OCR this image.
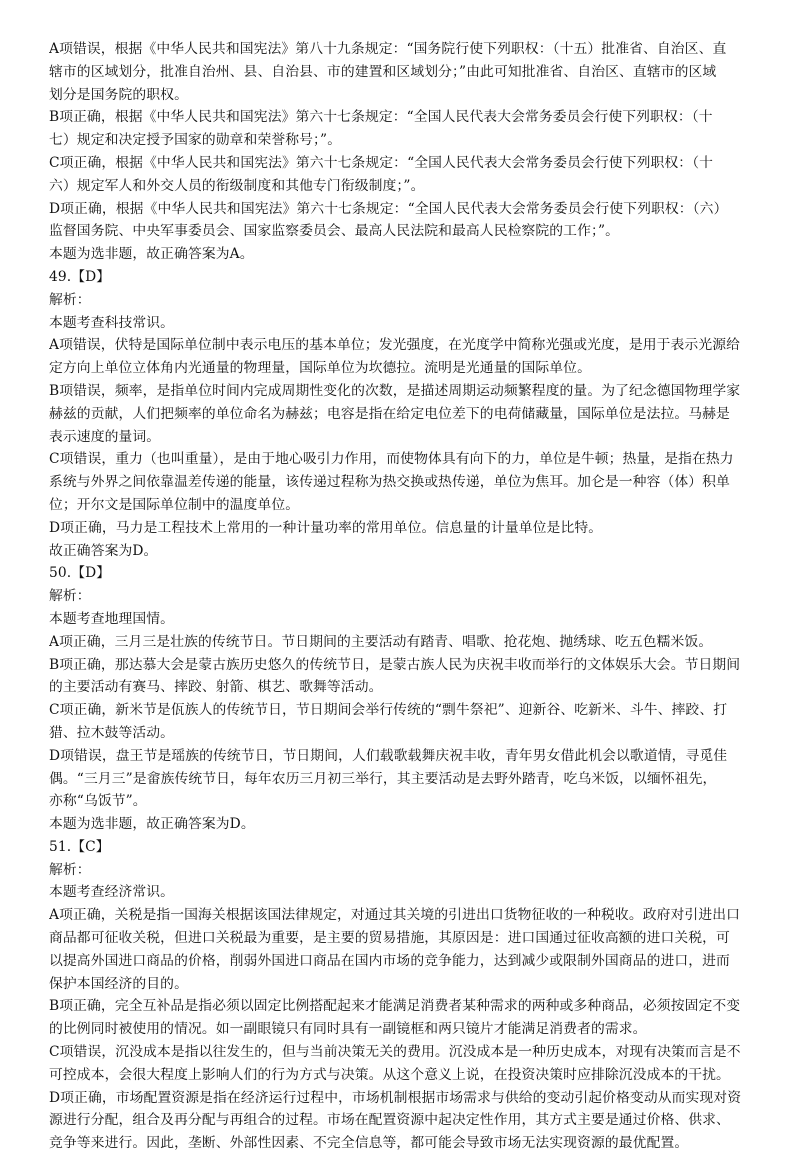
A项错误，根据《中华人民共和国宪法》第八十九条规定：“国务院行使下列职权：（十五）批准省、自治区、直
辖市的区域划分，批准自治州、县、自治县、市的建置和区域划分；”由此可知批准省、自治区、直辖市的区域
划分是国务院的职权。
B项正确，根据《中华人民共和国宪法》第六十七条规定：“全国人民代表大会常务委员会行使下列职权：（十
七）规定和决定授予国家的勋章和荣誉称号；”。
C项正确，根据《中华人民共和国宪法》第六十七条规定：“全国人民代表大会常务委员会行使下列职权：（十
六）规定军人和外交人员的衔级制度和其他专门衔级制度；”。
D项正确，根据《中华人民共和国宪法》第六十七条规定：“全国人民代表大会常务委员会行使下列职权：（六）
监督国务院、中央军事委员会、国家监察委员会、最高人民法院和最高人民检察院的工作；”。
本题为选非题，故正确答案为A。
49.【D】
解析：
本题考查科技常识。
A项错误，伏特是国际单位制中表示电压的基本单位；发光强度，在光度学中简称光强或光度，是用于表示光源给
定方向上单位立体角内光通量的物理量，国际单位为坎德拉。流明是光通量的国际单位。
B项错误，频率，是指单位时间内完成周期性变化的次数，是描述周期运动频繁程度的量。为了纪念德国物理学家
赫兹的贡献，人们把频率的单位命名为赫兹；电容是指在给定电位差下的电荷储藏量，国际单位是法拉。马赫是
表示速度的量词。
C项错误，重力（也叫重量），是由于地心吸引力作用，而使物体具有向下的力，单位是牛顿；热量，是指在热力
系统与外界之间依靠温差传递的能量，该传递过程称为热交换或热传递，单位为焦耳。加仑是一种容（体）积单
位；开尔文是国际单位制中的温度单位。
D项正确，马力是工程技术上常用的一种计量功率的常用单位。信息量的计量单位是比特。
故正确答案为D。
50.【D】
解析：
本题考查地理国情。
A项正确，三月三是壮族的传统节日。节日期间的主要活动有踏青、唱歌、抢花炮、抛绣球、吃五色糯米饭。
B项正确，那达慕大会是蒙古族历史悠久的传统节日，是蒙古族人民为庆祝丰收而举行的文体娱乐大会。节日期间
的主要活动有赛马、摔跤、射箭、棋艺、歌舞等活动。
C项正确，新米节是佤族人的传统节日，节日期间会举行传统的“剽牛祭祀”、迎新谷、吃新米、斗牛、摔跤、打
猎、拉木鼓等活动。
D项错误，盘王节是瑶族的传统节日，节日期间，人们载歌载舞庆祝丰收，青年男女借此机会以歌道情，寻觅佳
偶。“三月三”是畲族传统节日，每年农历三月初三举行，其主要活动是去野外踏青，吃乌米饭，以缅怀祖先，
亦称“乌饭节”。
本题为选非题，故正确答案为D。
51.【C】
解析：
本题考查经济常识。
A项正确，关税是指一国海关根据该国法律规定，对通过其关境的引进出口货物征收的一种税收。政府对引进出口
商品都可征收关税，但进口关税最为重要，是主要的贸易措施，其原因是：进口国通过征收高额的进口关税，可
以提高外国进口商品的价格，削弱外国进口商品在国内市场的竞争能力，达到减少或限制外国商品的进口，进而
保护本国经济的目的。
B项正确，完全互补品是指必须以固定比例搭配起来才能满足消费者某种需求的两种或多种商品，必须按固定不变
的比例同时被使用的情况。如一副眼镜只有同时具有一副镜框和两只镜片才能满足消费者的需求。
C项错误，沉没成本是指以往发生的，但与当前决策无关的费用。沉没成本是一种历史成本，对现有决策而言是不
可控成本，会很大程度上影响人们的行为方式与决策。从这个意义上说，在投资决策时应排除沉没成本的干扰。
D项正确，市场配置资源是指在经济运行过程中，市场机制根据市场需求与供给的变动引起价格变动从而实现对资
源进行分配，组合及再分配与再组合的过程。市场在配置资源中起决定性作用，其方式主要是通过价格、供求、
竞争等来进行。因此，垄断、外部性因素、不完全信息等，都可能会导致市场无法实现资源的最优配置。
